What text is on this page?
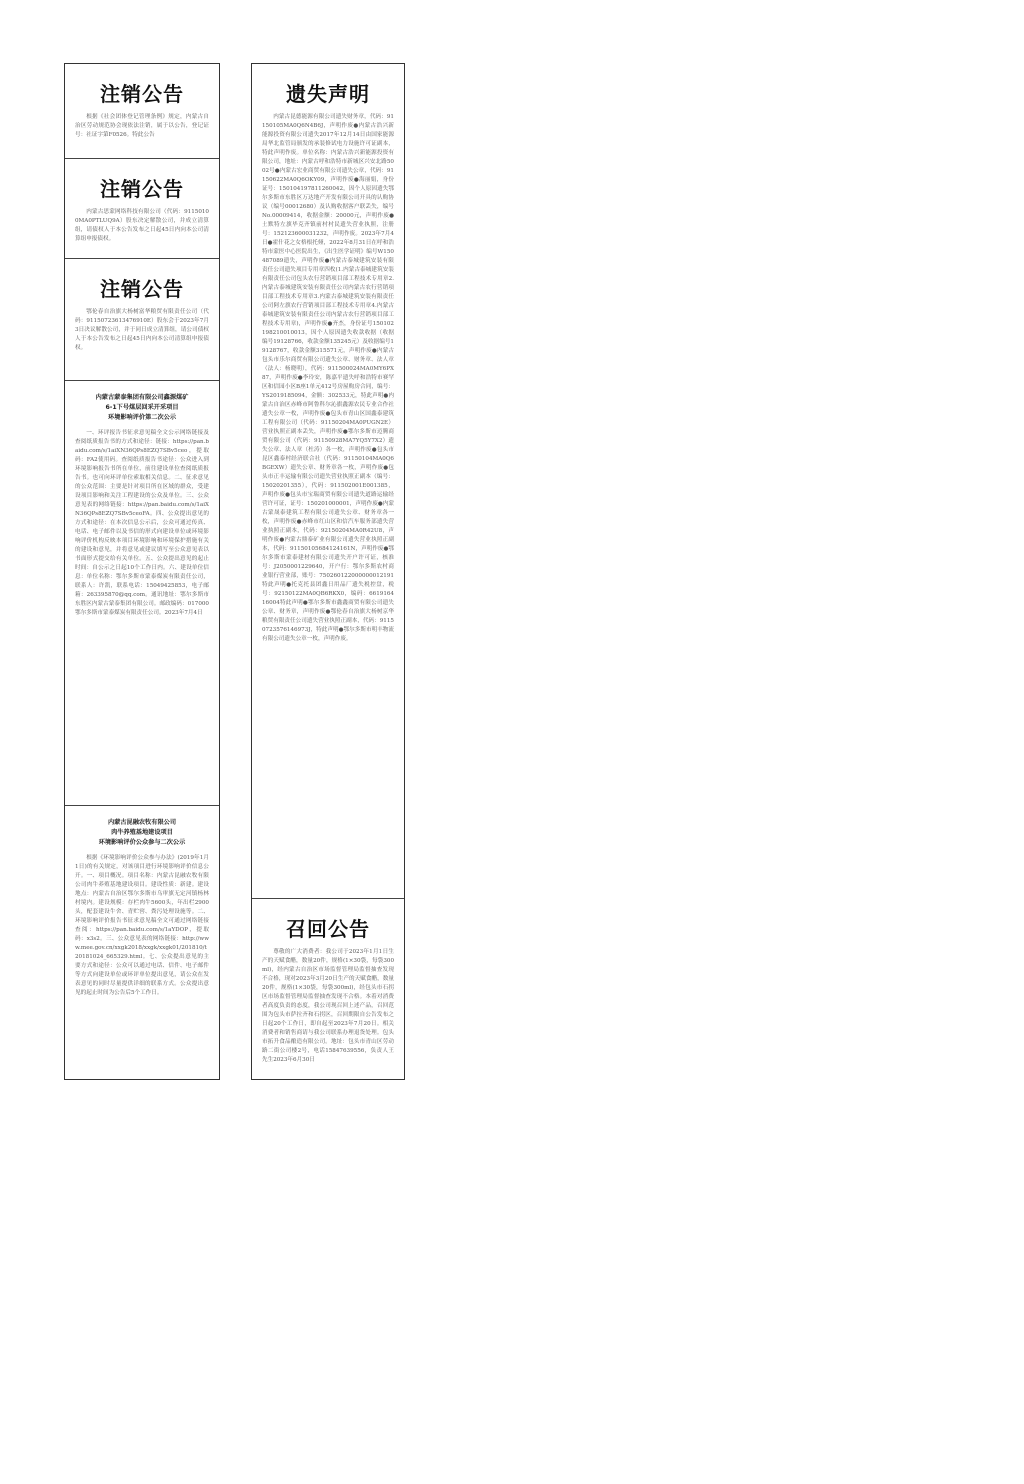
注销公告

根据《社会团体登记管理条例》规定，内蒙古自治区劳动规范协会现依法注销，属于以公告，登记证号：社证字第F0526。特此公告

注销公告

内蒙古思蒙网络科技有限公司（代码：91150100MA0PTLUQ9A）股东决定解散公司，并成立清算组，请债权人于本公告发布之日起45日内向本公司清算组申报债权。

注销公告

鄂伦春自治旗大杨树富华粮贸有限责任公司（代码：91150723613476910E）股东会于2023年7月3日决议解散公司，并于同日成立清算组，请公司债权人于本公告发布之日起45日内向本公司清算组申报债权。

内蒙古蒙泰集团有限公司鑫源煤矿
6-1下号煤层回采开采项目
环境影响评价第二次公示

一、环评报告书征求意见稿全文公示网络链接及查阅纸质报告书的方式和途径：链接：https://pan.baidu.com/s/1aiXN36QPs8EZQ7SBv5ceo，提取码：FA2使用码。查阅纸质报告书途径：公众进入到环境影响报告书所在单位，前往建设单位查阅纸质报告书。也可向环评单位索取相关信息。二、征求意见的公众范围：主要是针对项目所在区域的群众，受建设项目影响和关注工程建设的公众及单位。三、公众意见表的网络链接：https://pan.baidu.com/s/1aiXN36QPs8EZQ7SBv5ceoFA。四、公众提出意见的方式和途径：在本次信息公示后，公众可通过传真、电话、电子邮件以及书信的形式向建设单位或环境影响评价机构反映本项目环境影响和环境保护措施有关的建设和意见，并将意见或建议填写至公众意见表以书面形式提交给有关单位。五、公众提出意见的起止时间：自公示之日起10个工作日内。六、建设单位信息：单位名称：鄂尔多斯市蒙泰煤炭有限责任公司，联系人：许凯，联系电话：15049425853，电子邮箱：263395870@qq.com。通讯地址：鄂尔多斯市东胜区内蒙古蒙泰集团有限公司。邮政编码：017000鄂尔多斯市蒙泰煤炭有限责任公司。2023年7月4日

内蒙古昆融农牧有限公司
肉牛养殖基地建设项目
环境影响评价公众参与二次公示

根据《环境影响评价公众参与办法》(2019年1月1日)的有关规定，对该项目进行环境影响评价信息公开。一、项目概况。项目名称：内蒙古昆融农牧有限公司肉牛养殖基地建设项目。建设性质：新建。建设地点：内蒙古自治区鄂尔多斯市乌审旗无定河镇杨林村境内。建设规模：存栏肉牛5600头，年出栏2900头，配套建设牛舍、青贮窖、粪污处理设施等。二、环境影响评价报告书征求意见稿全文可通过网络链接查阅：https://pan.baidu.com/s/1aYDOP，提取码：x3s2。三、公众意见表的网络链接：http://www.mee.gov.cn/xxgk2018/xxgk/xxgk01/201810/t20181024_665329.html。七、公众提出意见的主要方式和途径：公众可以通过电话、信件、电子邮件等方式向建设单位或环评单位提出意见，请公众在发表意见的同时尽量提供详细的联系方式。公众提出意见的起止时间为公告后5个工作日。

遗失声明

内蒙古昆德能源有限公司遗失财务章，代码：91150105MA0Q6N4B6J，声明作废●内蒙古浩兴新能源投资有限公司遗失2017年12月14日由国家能源局华北监管局颁发的承装修试电力设施许可证副本，特此声明作废。单位名称：内蒙古浩兴新能源投资有限公司，地址：内蒙古呼和浩特市新城区兴安北路5002号●内蒙古宏业商贸有限公司遗失公章，代码：91150622MA0Q6OKY09，声明作废●海丽娟，身份证号：150104197811260042，因个人原因遗失鄂尔多斯市东胜区万达地产开发有限公司开具的认购协议（编号00012680）及认购收据客户联丢失，编号No.00009414，收据金额：20000元，声明作废●土默特左旗毕克齐镇前村村民遗失营业执照，注册号：152123600031232，声明作废。2023年7月4日●霍什花之女格根托娅，2022年8月31日在呼和浩特市蒙医中心医院出生，《出生医学证明》编号W150487089遗失，声明作废●内蒙古泰城建筑安装有限责任公司遗失项目专用章四枚(1.内蒙古泰城建筑安装有限责任公司包头农行营销项目部工程技术专用章2.内蒙古泰城建筑安装有限责任公司内蒙古农行营销项目部工程技术专用章3.内蒙古泰城建筑安装有限责任公司阿左旗农行营销项目部工程技术专用章4.内蒙古泰城建筑安装有限责任公司内蒙古农行营销项目部工程技术专用章)，声明作废●齐杰，身份证号150102198210010013，因个人原因遗失收款收据（收据编号19128766，收款金额135245元）及收据编号19128767，收款金额315571元，声明作废●内蒙古包头市乐尔商贸有限公司遗失公章、财务章、法人章（法人：杨晓明），代码：911500024MA0MY6PX87，声明作废●李玲安，陈嘉平遗失呼和浩特市赛罕区和信园小区B座1单元412号房屋购房合同，编号：YS2019185094，金额：302533元，特此声明●内蒙古自治区赤峰市阿鲁科尔沁旗鑫源农民专业合作社遗失公章一枚，声明作废●包头市青山区国鑫泰建筑工程有限公司（代码：91150204MA0PUGN2E）营业执照正副本丢失，声明作废●鄂尔多斯市迈腾商贸有限公司（代码：91150928MA7YQ5Y7X2）遗失公章、法人章（杜涛）各一枚，声明作废●包头市昆区鑫泰村经济联合社（代码：91150104MA0Q6BGEXW）遗失公章、财务章各一枚，声明作废●包头市正丰运输有限公司遗失营业执照正副本（编号：15020201355），代码：911502001E001385，声明作废●包头市宝瑞商贸有限公司遗失道路运输经营许可证，证号：150201000001，声明作废●内蒙古蒙晟泰建筑工程有限公司遗失公章、财务章各一枚，声明作废●赤峰市红山区和信汽车服务部遗失营业执照正副本，代码：92150204MA0R42U8，声明作废●内蒙古鼎泰矿业有限公司遗失营业执照正副本，代码：91150105684124161N，声明作废●鄂尔多斯市蒙泰建材有限公司遗失开户许可证，核准号：J2050001229640，开户行：鄂尔多斯农村商业银行营业部，账号：750260122000000012191特此声明●托克托县团鑫日用品厂遗失税控盘，税号：92150122MA0QB6RKX0，编码：661916416004特此声明●鄂尔多斯市鑫鑫商贸有限公司遗失公章、财务章，声明作废●鄂伦春自治旗大杨树京华粮贸有限责任公司遗失营业执照正副本，代码：91150723576146973J，特此声明●鄂尔多斯市明丰物流有限公司遗失公章一枚，声明作废。

召回公告

尊敬的广大消费者：我公司于2023年1月1日生产的天赋食醋，数量20件，规格(1×30袋，每袋300ml)，经内蒙古自治区市场监督管理局监督抽查发现不合格，现对2023年3月20日生产的天赋食醋，数量20件，规格(1×30袋，每袋300ml)，经包头市石拐区市场监督管理局监督抽查发现不合格。本着对消费者高度负责的态度，我公司现召回上述产品，召回范围为包头市萨拉齐和石拐区，召回期限自公告发布之日起20个工作日，即自起至2023年7月20日。相关消费者和销售商请与我公司联系办理退货处理。包头市拓升食品酿造有限公司。地址：包头市青山区劳动路二街公司楼2号，电话15847639556，负责人王先生2023年6月30日
